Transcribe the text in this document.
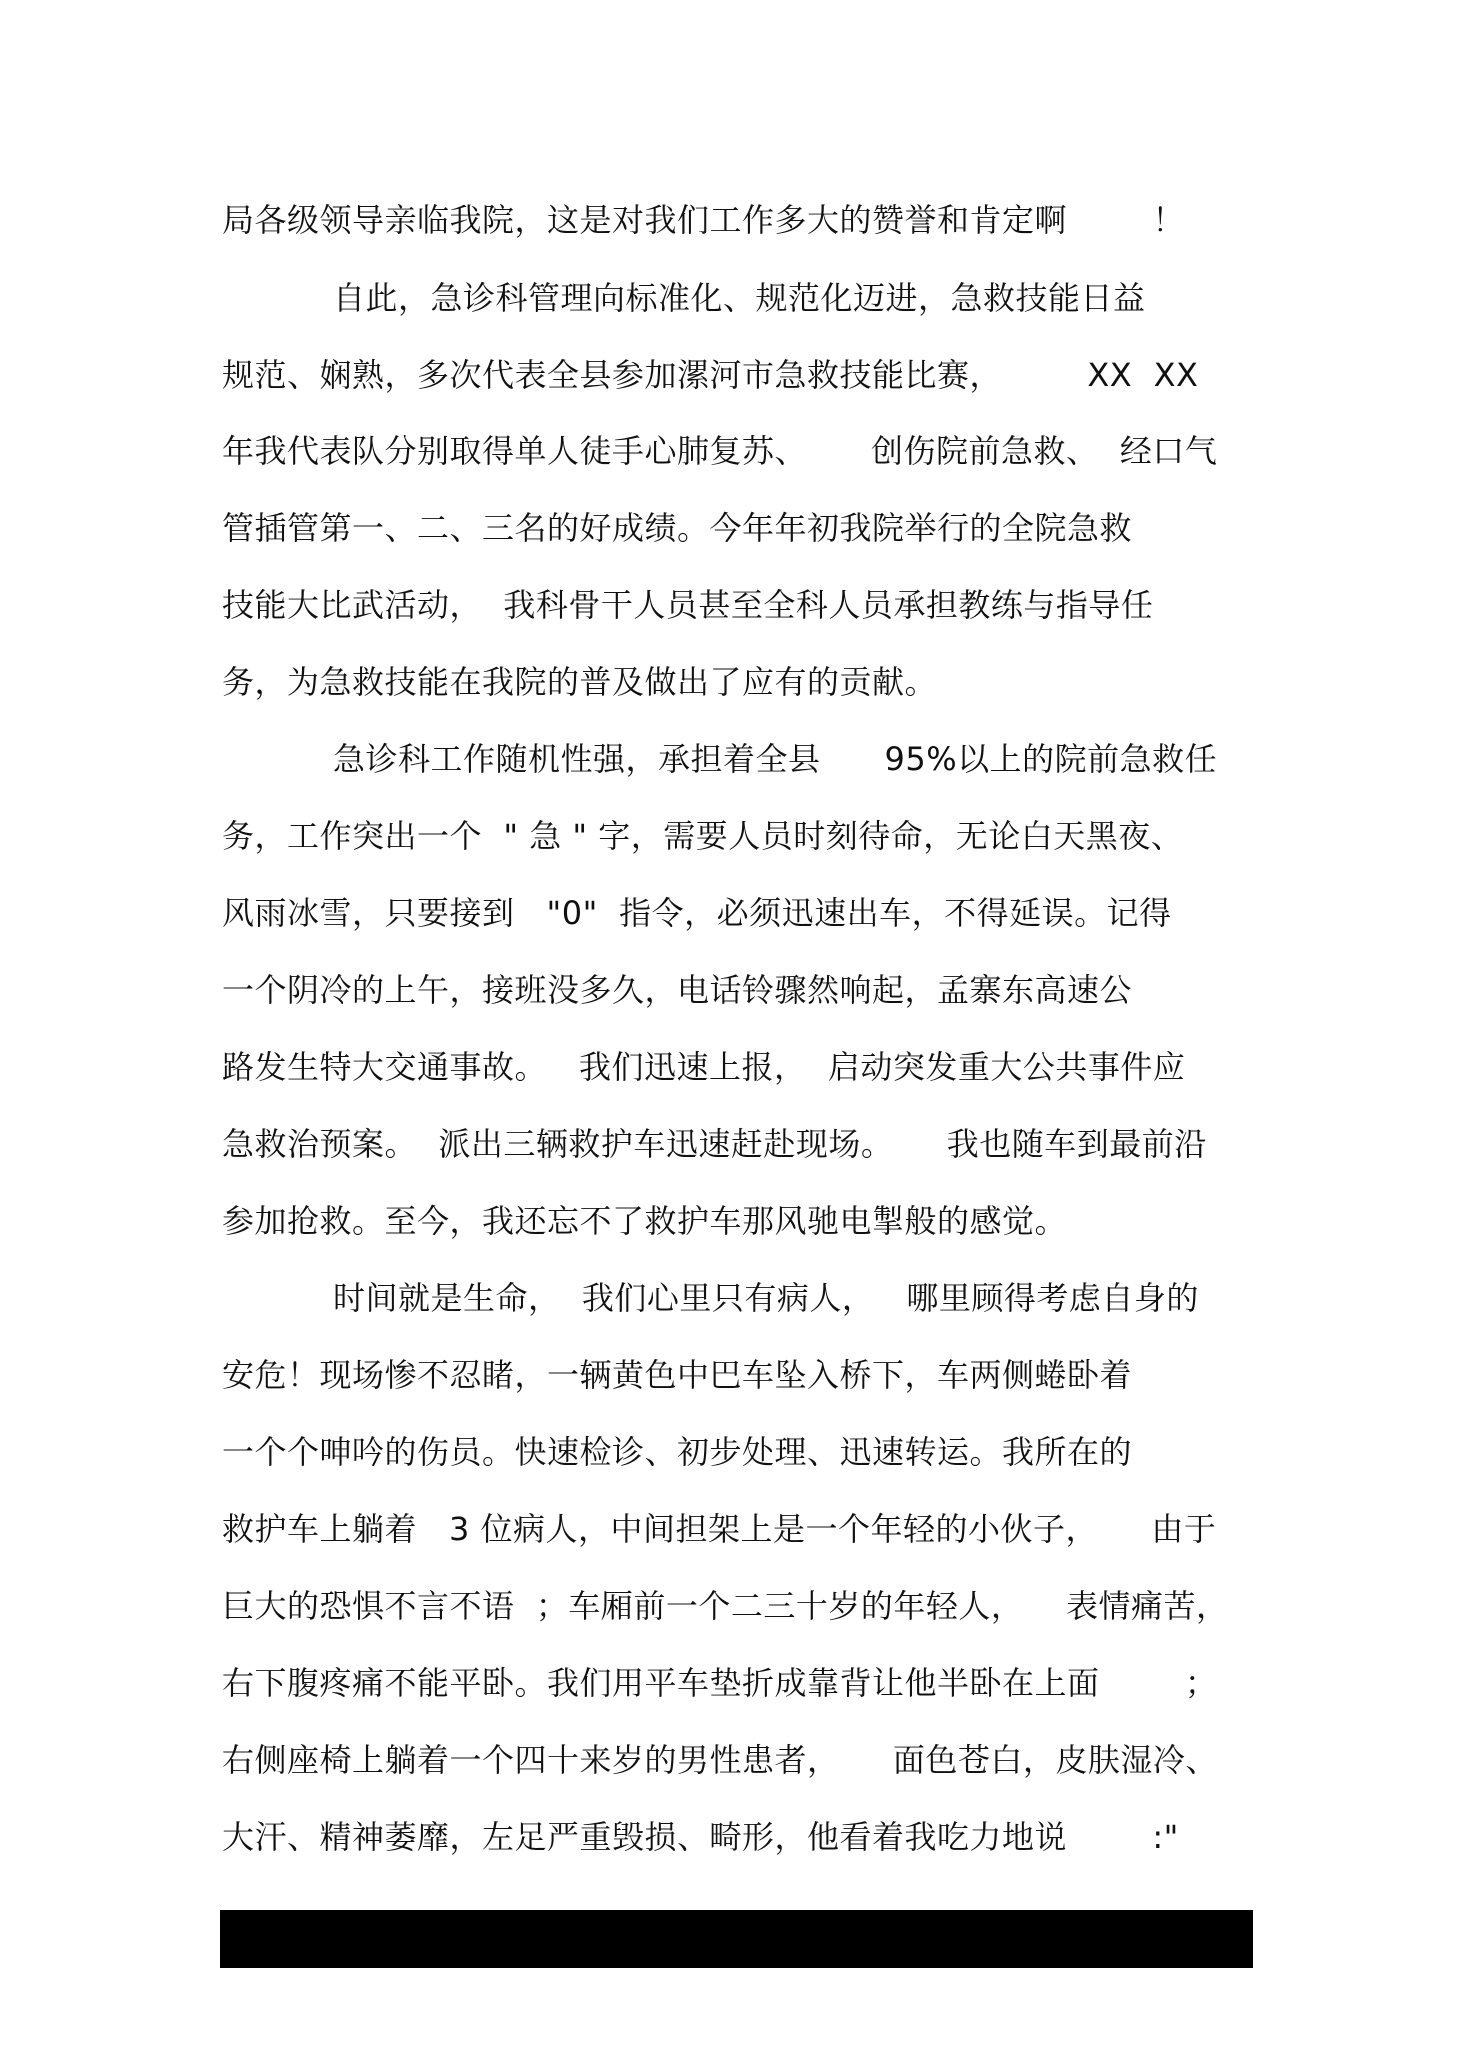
局各级领导亲临我院，这是对我们工作多大的赞誉和肯定啊        ！
自此，急诊科管理向标准化、规范化迈进，急救技能日益
规范、娴熟，多次代表全县参加漯河市急救技能比赛，        XX  XX
年我代表队分别取得单人徒手心肺复苏、      创伤院前急救、  经口气
管插管第一、二、三名的好成绩。今年年初我院举行的全院急救
技能大比武活动，  我科骨干人员甚至全科人员承担教练与指导任
务，为急救技能在我院的普及做出了应有的贡献。
急诊科工作随机性强，承担着全县      95%以上的院前急救任
务，工作突出一个  " 急 " 字，需要人员时刻待命，无论白天黑夜、
风雨冰雪，只要接到   "0"  指令，必须迅速出车，不得延误。记得
一个阴冷的上午，接班没多久，电话铃骤然响起，孟寨东高速公
路发生特大交通事故。   我们迅速上报，  启动突发重大公共事件应
急救治预案。  派出三辆救护车迅速赶赴现场。     我也随车到最前沿
参加抢救。至今，我还忘不了救护车那风驰电掣般的感觉。
时间就是生命，  我们心里只有病人，   哪里顾得考虑自身的
安危！现场惨不忍睹，一辆黄色中巴车坠入桥下，车两侧蜷卧着
一个个呻吟的伤员。快速检诊、初步处理、迅速转运。我所在的
救护车上躺着   3 位病人，中间担架上是一个年轻的小伙子，     由于
巨大的恐惧不言不语  ；车厢前一个二三十岁的年轻人，    表情痛苦，
右下腹疼痛不能平卧。我们用平车垫折成靠背让他半卧在上面        ；
右侧座椅上躺着一个四十来岁的男性患者，     面色苍白，皮肤湿冷、
大汗、精神萎靡，左足严重毁损、畸形，他看着我吃力地说        :"
